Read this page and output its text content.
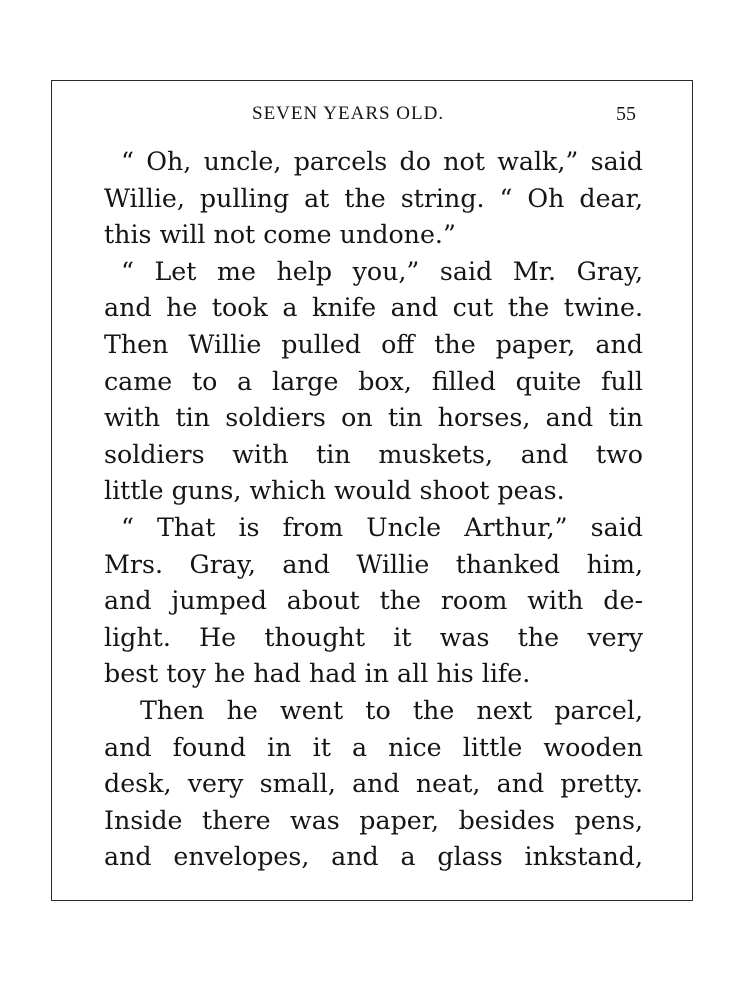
SEVEN YEARS OLD.	55
“ Oh, uncle, parcels do not walk,” said
Willie, pulling at the string. “ Oh dear,
this will not come undone.”
“ Let me help you,” said Mr. Gray,
and he took a knife and cut the twine.
Then Willie pulled off the paper, and
came to a large box, filled quite full
with tin soldiers on tin horses, and tin
soldiers with tin muskets, and two
little guns, which would shoot peas.
“ That is from Uncle Arthur,” said
Mrs. Gray, and Willie thanked him,
and jumped about the room with de-
light. He thought it was the very
best toy he had had in all his life.
Then he went to the next parcel,
and found in it a nice little wooden
desk, very small, and neat, and pretty.
Inside there was paper, besides pens,
and envelopes, and a glass inkstand,
